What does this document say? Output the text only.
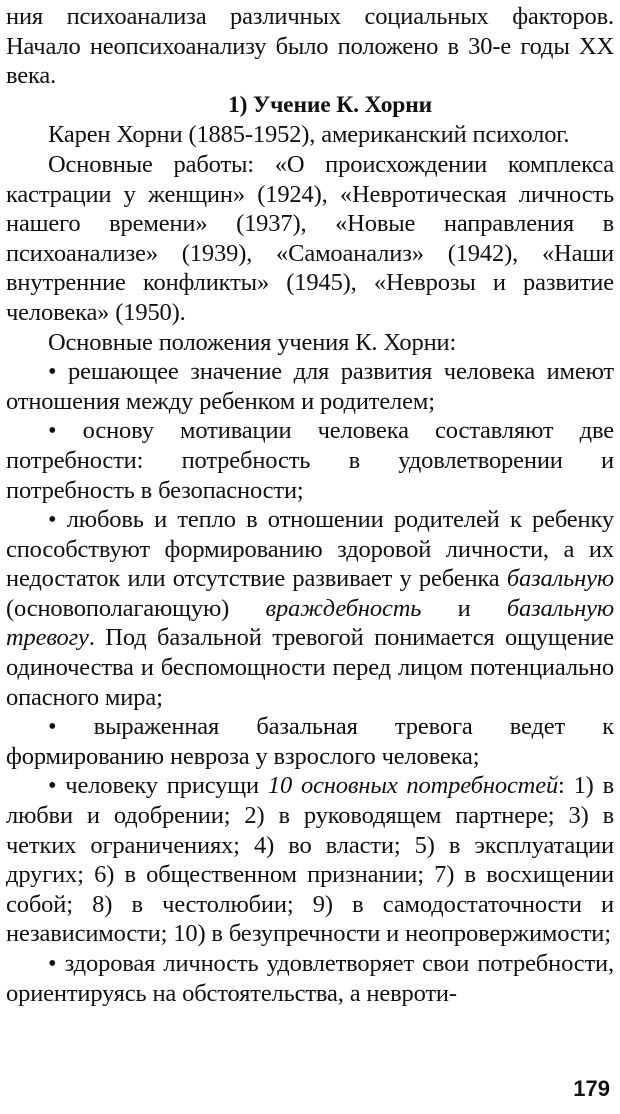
ния психоанализа различных социальных факторов. Начало неопсихоанализу было положено в 30-е годы XX века.

1) Учение К. Хорни

Карен Хорни (1885-1952), американский психолог.

Основные работы: «О происхождении комплекса кастрации у женщин» (1924), «Невротическая личность нашего времени» (1937), «Новые направления в психоанализе» (1939), «Самоанализ» (1942), «Наши внутренние конфликты» (1945), «Неврозы и развитие человека» (1950).

Основные положения учения К. Хорни:

• решающее значение для развития человека имеют отношения между ребенком и родителем;

• основу мотивации человека составляют две потребности: потребность в удовлетворении и потребность в безопасности;

• любовь и тепло в отношении родителей к ребенку способствуют формированию здоровой личности, а их недостаток или отсутствие развивает у ребенка базальную (основополагающую) враждебность и базальную тревогу. Под базальной тревогой понимается ощущение одиночества и беспомощности перед лицом потенциально опасного мира;

• выраженная базальная тревога ведет к формированию невроза у взрослого человека;

• человеку присущи 10 основных потребностей: 1) в любви и одобрении; 2) в руководящем партнере; 3) в четких ограничениях; 4) во власти; 5) в эксплуатации других; 6) в общественном признании; 7) в восхищении собой; 8) в честолюбии; 9) в самодостаточности и независимости; 10) в безупречности и неопровержимости;

• здоровая личность удовлетворяет свои потребности, ориентируясь на обстоятельства, а невроти-

179
